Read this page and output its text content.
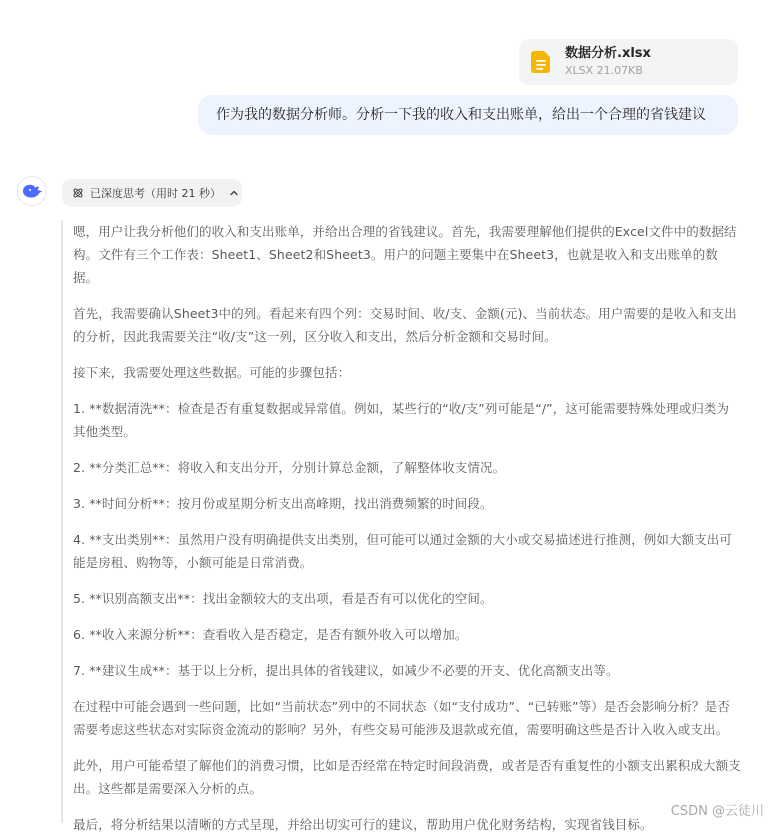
数据分析.xlsx
XLSX 21.07KB
作为我的数据分析师。分析一下我的收入和支出账单，给出一个合理的省钱建议
已深度思考（用时 21 秒）

嗯，用户让我分析他们的收入和支出账单，并给出合理的省钱建议。首先，我需要理解他们提供的Excel文件中的数据结构。文件有三个工作表：Sheet1、Sheet2和Sheet3。用户的问题主要集中在Sheet3，也就是收入和支出账单的数据。

首先，我需要确认Sheet3中的列。看起来有四个列：交易时间、收/支、金额(元)、当前状态。用户需要的是收入和支出的分析，因此我需要关注“收/支”这一列，区分收入和支出，然后分析金额和交易时间。

接下来，我需要处理这些数据。可能的步骤包括：

1. **数据清洗**：检查是否有重复数据或异常值。例如，某些行的“收/支”列可能是“/”，这可能需要特殊处理或归类为其他类型。

2. **分类汇总**：将收入和支出分开，分别计算总金额，了解整体收支情况。

3. **时间分析**：按月份或星期分析支出高峰期，找出消费频繁的时间段。

4. **支出类别**：虽然用户没有明确提供支出类别，但可能可以通过金额的大小或交易描述进行推测，例如大额支出可能是房租、购物等，小额可能是日常消费。

5. **识别高额支出**：找出金额较大的支出项，看是否有可以优化的空间。

6. **收入来源分析**：查看收入是否稳定，是否有额外收入可以增加。

7. **建议生成**：基于以上分析，提出具体的省钱建议，如减少不必要的开支、优化高额支出等。

在过程中可能会遇到一些问题，比如“当前状态”列中的不同状态（如“支付成功”、“已转账”等）是否会影响分析？是否需要考虑这些状态对实际资金流动的影响？另外，有些交易可能涉及退款或充值，需要明确这些是否计入收入或支出。

此外，用户可能希望了解他们的消费习惯，比如是否经常在特定时间段消费，或者是否有重复性的小额支出累积成大额支出。这些都是需要深入分析的点。

最后，将分析结果以清晰的方式呈现，并给出切实可行的建议，帮助用户优化财务结构，实现省钱目标。

CSDN @云徒川
